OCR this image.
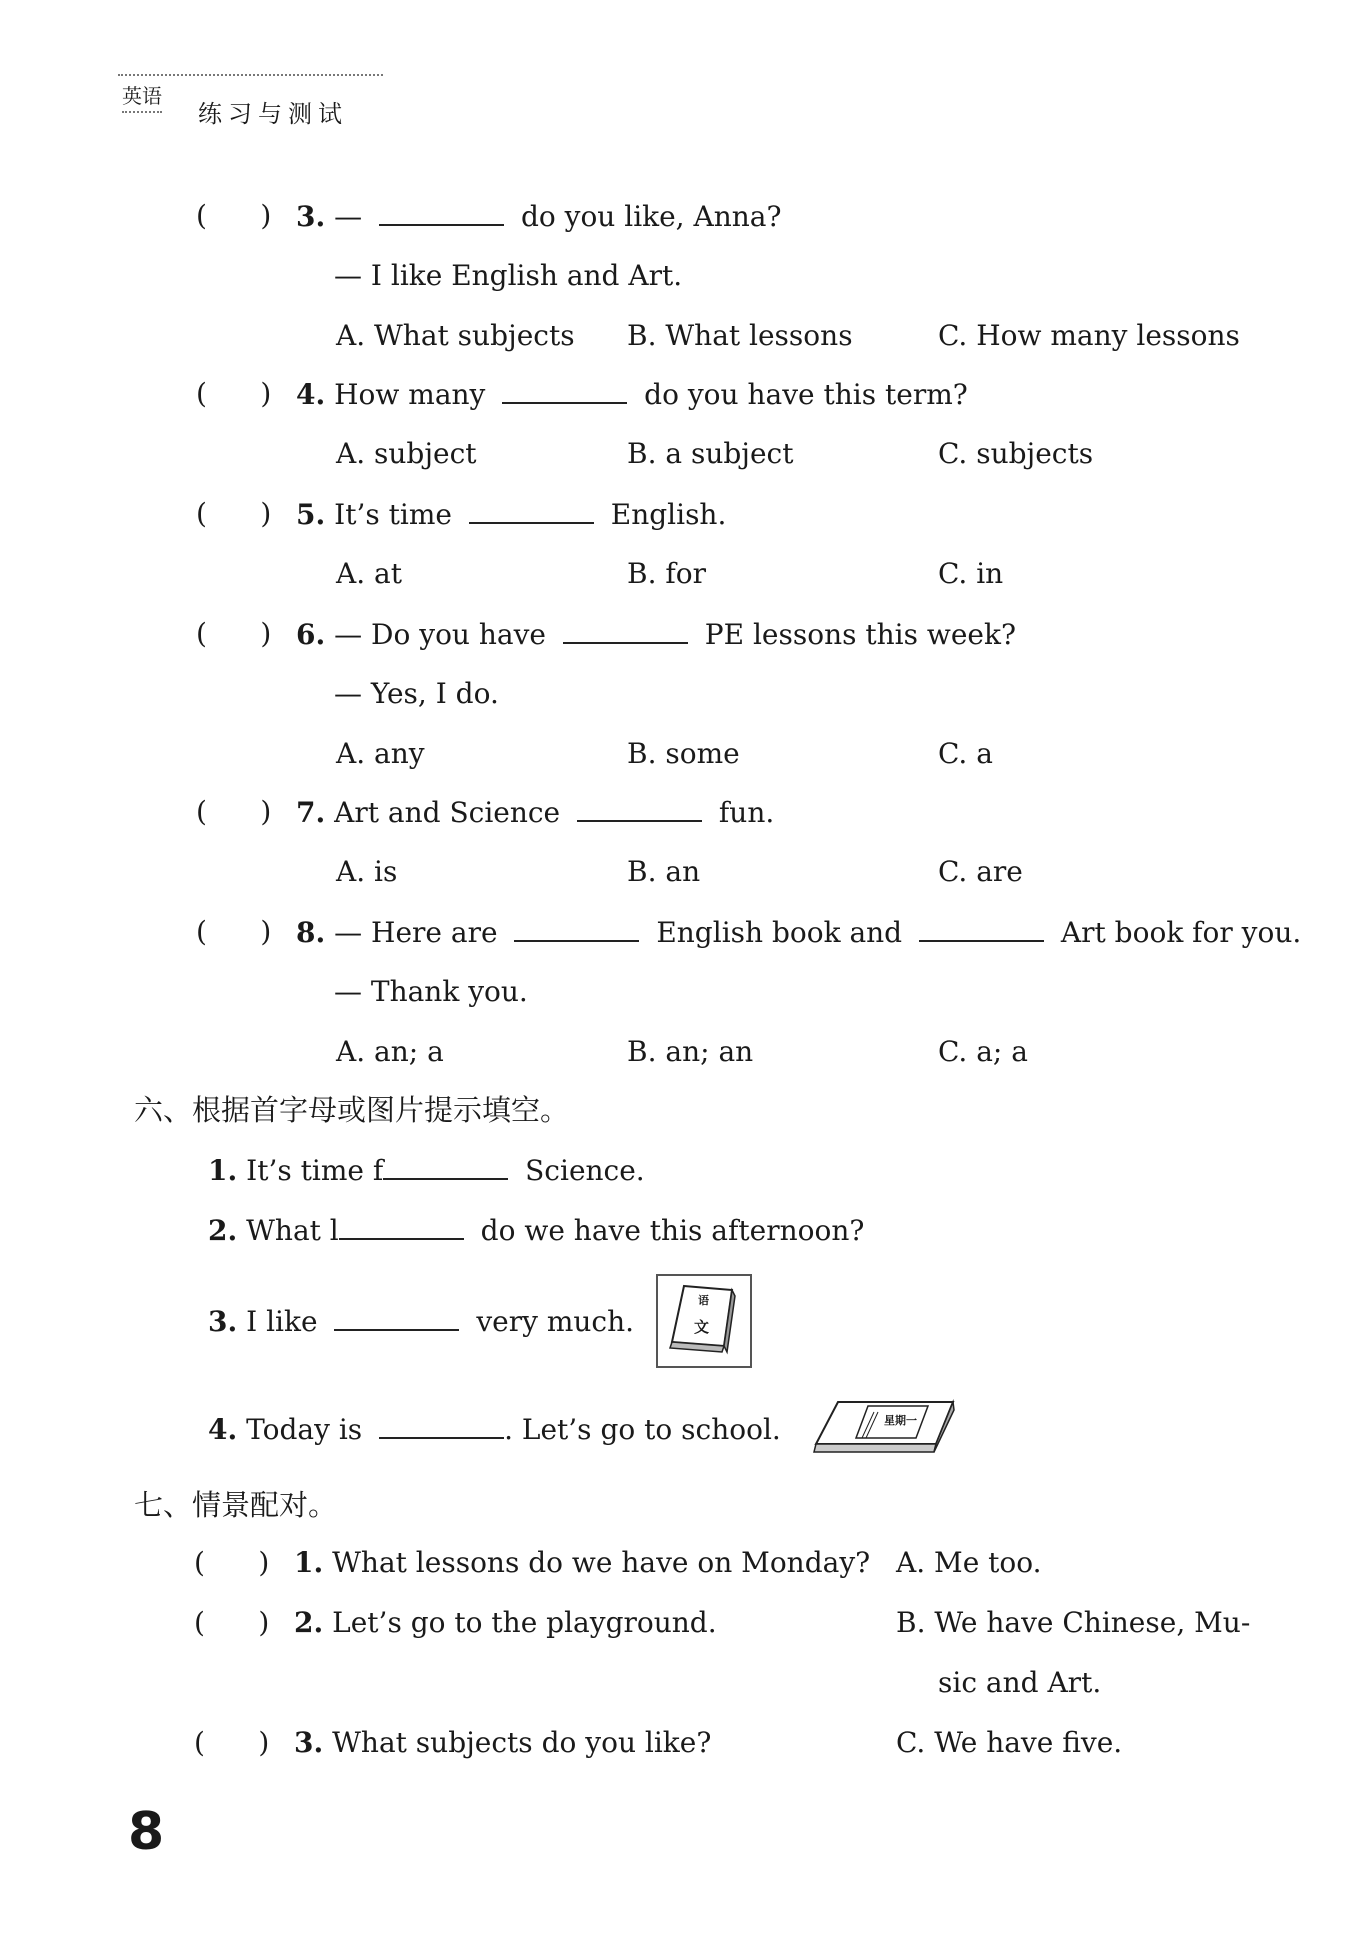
英语
练习与测试
(      ) 3. —	do you like, Anna?
— I like English and Art.
A. What subjects B. What lessons	C. How many lessons
(      ) 4. How many	do you have this term?
A. subject	B. a subject	C. subjects
(      ) 5. It’s time	English.
A. at	B. for	C. in
(      ) 6. — Do you have	PE lessons this week?
— Yes, I do.
A. any	B. some	C. a
(      ) 7. Art and Science	fun.
A. is	B. an	C. are
(      ) 8. — Here are	English book and	Art book for you.
— Thank you.
A. an; a	B. an; an	C. a; a
六、根据首字母或图片提示填空。
1. It’s time f	Science.
2. What l	do we have this afternoon?
3. I like	very much.
语
文
4. Today is	. Let’s go to school.	星期一
七、情景配对。
(      ) 1. What lessons do we have on Monday? A. Me too.
(      ) 2. Let’s go to the playground.	B. We have Chinese, Mu-
sic and Art.
(      ) 3. What subjects do you like?	C. We have five.
8
